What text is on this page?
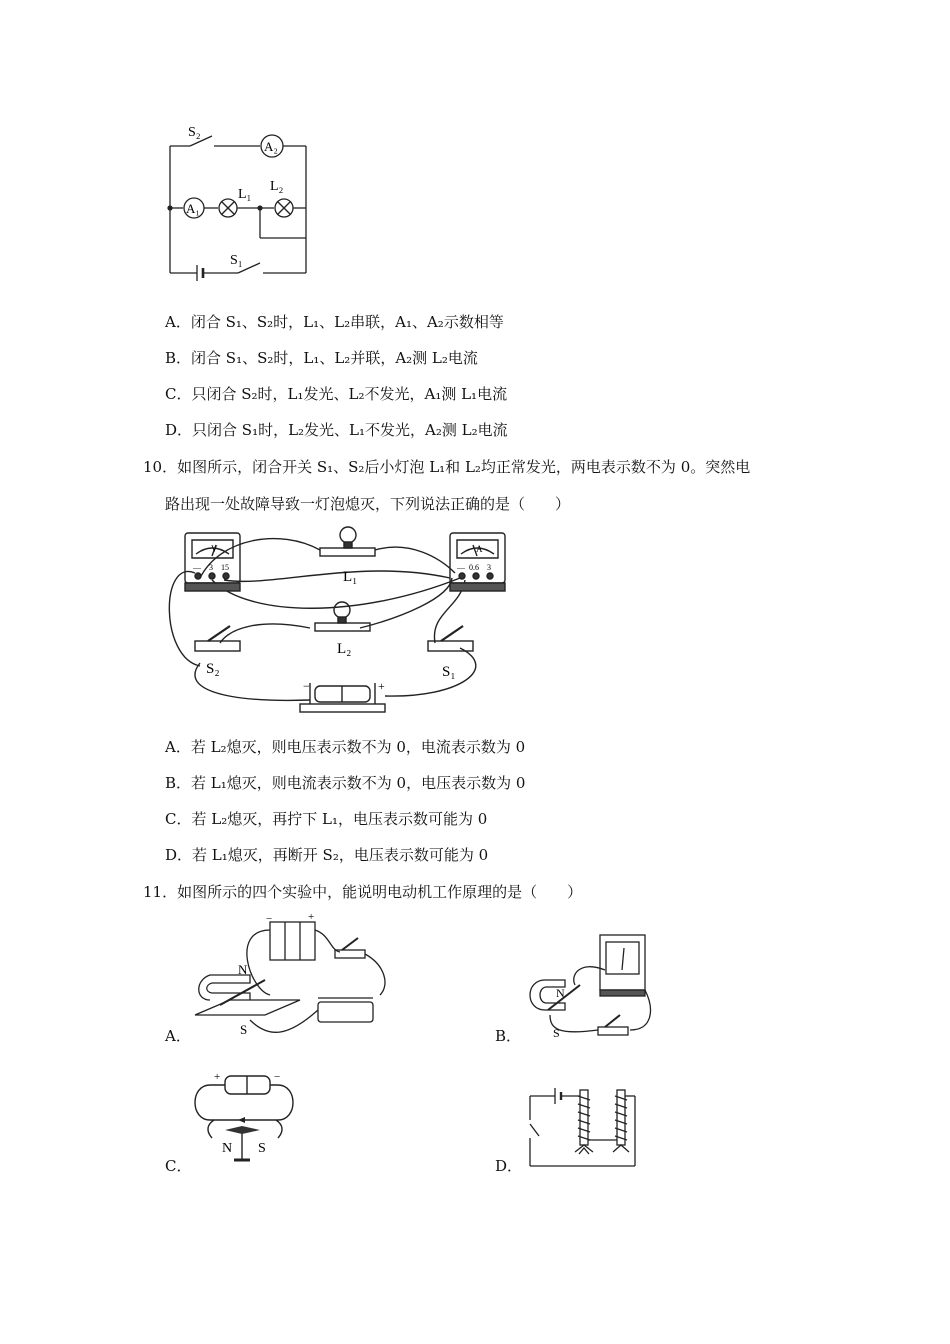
S₂
A₂
A₁
L₁
L₂
S₁
A．闭合 S₁、S₂时，L₁、L₂串联，A₁、A₂示数相等
B．闭合 S₁、S₂时，L₁、L₂并联，A₂测 L₂电流
C．只闭合 S₂时，L₁发光、L₂不发光，A₁测 L₁电流
D．只闭合 S₁时，L₂发光、L₁不发光，A₂测 L₂电流
10．如图所示，闭合开关 S₁、S₂后小灯泡 L₁和 L₂均正常发光，两电表示数不为 0。突然电
路出现一处故障导致一灯泡熄灭，下列说法正确的是（　　）
V
— 3 15
A
— 0.6 3
L₁
L₂
S₂	S₁
−	+
A．若 L₂熄灭，则电压表示数不为 0，电流表示数为 0
B．若 L₁熄灭，则电流表示数不为 0，电压表示数为 0
C．若 L₂熄灭，再拧下 L₁，电压表示数可能为 0
D．若 L₁熄灭，再断开 S₂，电压表示数可能为 0
11．如图所示的四个实验中，能说明电动机工作原理的是（　　）
N
S
−	+
A．
N
S
B．
+	−
N S
C．	D．
